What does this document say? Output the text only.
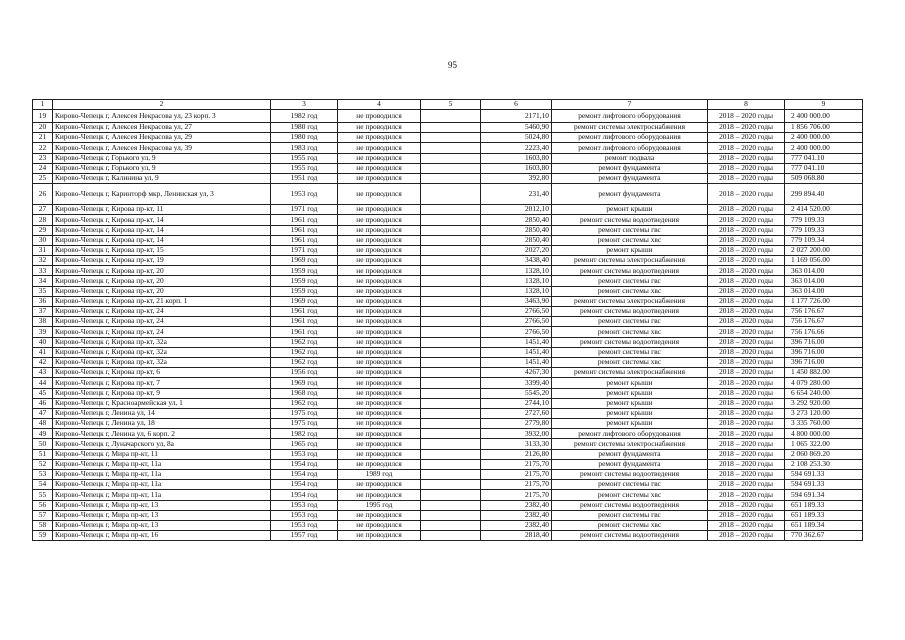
95
1	2	3	4	5	6	7	8	9
19	Кирово-Чепецк г, Алексея Некрасова ул, 23 корп. 3	1982 год	не проводился		2171,10	ремонт лифтового оборудования	2018 – 2020 годы	2 400 000.00
20	Кирово-Чепецк г, Алексея Некрасова ул, 27	1980 год	не проводился		5460,90	ремонт системы электроснабжения	2018 – 2020 годы	1 856 706.00
21	Кирово-Чепецк г, Алексея Некрасова ул, 29	1980 год	не проводился		5024,80	ремонт лифтового оборудования	2018 – 2020 годы	2 400 000.00
22	Кирово-Чепецк г, Алексея Некрасова ул, 39	1983 год	не проводился		2223,40	ремонт лифтового оборудования	2018 – 2020 годы	2 400 000.00
23	Кирово-Чепецк г, Горького ул, 9	1955 год	не проводился		1603,80	ремонт подвала	2018 – 2020 годы	777 041.10
24	Кирово-Чепецк г, Горького ул, 9	1955 год	не проводился		1603,80	ремонт фундамента	2018 – 2020 годы	777 041.10
25	Кирово-Чепецк г, Калинина ул, 9	1951 год	не проводился		392,80	ремонт фундамента	2018 – 2020 годы	509 068.80
26	Кирово-Чепецк г, Каринторф мкр, Ленинская ул, 3	1953 год	не проводился		231,40	ремонт фундамента	2018 – 2020 годы	299 894.40
27	Кирово-Чепецк г, Кирова пр-кт, 11	1971 год	не проводился		2012,10	ремонт крыши	2018 – 2020 годы	2 414 520.00
28	Кирово-Чепецк г, Кирова пр-кт, 14	1961 год	не проводился		2850,40	ремонт системы водоотведения	2018 – 2020 годы	779 109.33
29	Кирово-Чепецк г, Кирова пр-кт, 14	1961 год	не проводился		2850,40	ремонт системы гвс	2018 – 2020 годы	779 109.33
30	Кирово-Чепецк г, Кирова пр-кт, 14	1961 год	не проводился		2850,40	ремонт системы хвс	2018 – 2020 годы	779 109.34
31	Кирово-Чепецк г, Кирова пр-кт, 15	1971 год	не проводился		2027,20	ремонт крыши	2018 – 2020 годы	2 027 200.00
32	Кирово-Чепецк г, Кирова пр-кт, 19	1969 год	не проводился		3438,40	ремонт системы электроснабжения	2018 – 2020 годы	1 169 056.00
33	Кирово-Чепецк г, Кирова пр-кт, 20	1959 год	не проводился		1328,10	ремонт системы водоотведения	2018 – 2020 годы	363 014.00
34	Кирово-Чепецк г, Кирова пр-кт, 20	1959 год	не проводился		1328,10	ремонт системы гвс	2018 – 2020 годы	363 014.00
35	Кирово-Чепецк г, Кирова пр-кт, 20	1959 год	не проводился		1328,10	ремонт системы хвс	2018 – 2020 годы	363 014.00
36	Кирово-Чепецк г, Кирова пр-кт, 21 корп. 1	1969 год	не проводился		3463,90	ремонт системы электроснабжения	2018 – 2020 годы	1 177 726.00
37	Кирово-Чепецк г, Кирова пр-кт, 24	1961 год	не проводился		2766,50	ремонт системы водоотведения	2018 – 2020 годы	756 176.67
38	Кирово-Чепецк г, Кирова пр-кт, 24	1961 год	не проводился		2766,50	ремонт системы гвс	2018 – 2020 годы	756 176.67
39	Кирово-Чепецк г, Кирова пр-кт, 24	1961 год	не проводился		2766,50	ремонт системы хвс	2018 – 2020 годы	756 176.66
40	Кирово-Чепецк г, Кирова пр-кт, 32а	1962 год	не проводился		1451,40	ремонт системы водоотведения	2018 – 2020 годы	396 716.00
41	Кирово-Чепецк г, Кирова пр-кт, 32а	1962 год	не проводился		1451,40	ремонт системы гвс	2018 – 2020 годы	396 716.00
42	Кирово-Чепецк г, Кирова пр-кт, 32а	1962 год	не проводился		1451,40	ремонт системы хвс	2018 – 2020 годы	396 716.00
43	Кирово-Чепецк г, Кирова пр-кт, 6	1956 год	не проводился		4267,30	ремонт системы электроснабжения	2018 – 2020 годы	1 450 882.00
44	Кирово-Чепецк г, Кирова пр-кт, 7	1969 год	не проводился		3399,40	ремонт крыши	2018 – 2020 годы	4 079 280.00
45	Кирово-Чепецк г, Кирова пр-кт, 9	1968 год	не проводился		5545,20	ремонт крыши	2018 – 2020 годы	6 654 240.00
46	Кирово-Чепецк г, Красноармейская ул, 1	1962 год	не проводился		2744,10	ремонт крыши	2018 – 2020 годы	3 292 920.00
47	Кирово-Чепецк г, Ленина ул, 14	1975 год	не проводился		2727,60	ремонт крыши	2018 – 2020 годы	3 273 120.00
48	Кирово-Чепецк г, Ленина ул, 18	1975 год	не проводился		2779,80	ремонт крыши	2018 – 2020 годы	3 335 760.00
49	Кирово-Чепецк г, Ленина ул, 6 корп. 2	1982 год	не проводился		3932,00	ремонт лифтового оборудования	2018 – 2020 годы	4 800 000.00
50	Кирово-Чепецк г, Луначарского ул, 8а	1965 год	не проводился		3133,30	ремонт системы электроснабжения	2018 – 2020 годы	1 065 322.00
51	Кирово-Чепецк г, Мира пр-кт, 11	1953 год	не проводился		2126,80	ремонт фундамента	2018 – 2020 годы	2 060 869.20
52	Кирово-Чепецк г, Мира пр-кт, 11а	1954 год	не проводился		2175,70	ремонт фундамента	2018 – 2020 годы	2 108 253.30
53	Кирово-Чепецк г, Мира пр-кт, 11а	1954 год	1989 год		2175,70	ремонт системы водоотведения	2018 – 2020 годы	594 691.33
54	Кирово-Чепецк г, Мира пр-кт, 11а	1954 год	не проводился		2175,70	ремонт системы гвс	2018 – 2020 годы	594 691.33
55	Кирово-Чепецк г, Мира пр-кт, 11а	1954 год	не проводился		2175,70	ремонт системы хвс	2018 – 2020 годы	594 691.34
56	Кирово-Чепецк г, Мира пр-кт, 13	1953 год	1995 год		2382,40	ремонт системы водоотведения	2018 – 2020 годы	651 189.33
57	Кирово-Чепецк г, Мира пр-кт, 13	1953 год	не проводился		2382,40	ремонт системы гвс	2018 – 2020 годы	651 189.33
58	Кирово-Чепецк г, Мира пр-кт, 13	1953 год	не проводился		2382,40	ремонт системы хвс	2018 – 2020 годы	651 189.34
59	Кирово-Чепецк г, Мира пр-кт, 16	1957 год	не проводился		2818,40	ремонт системы водоотведения	2018 – 2020 годы	770 362.67
